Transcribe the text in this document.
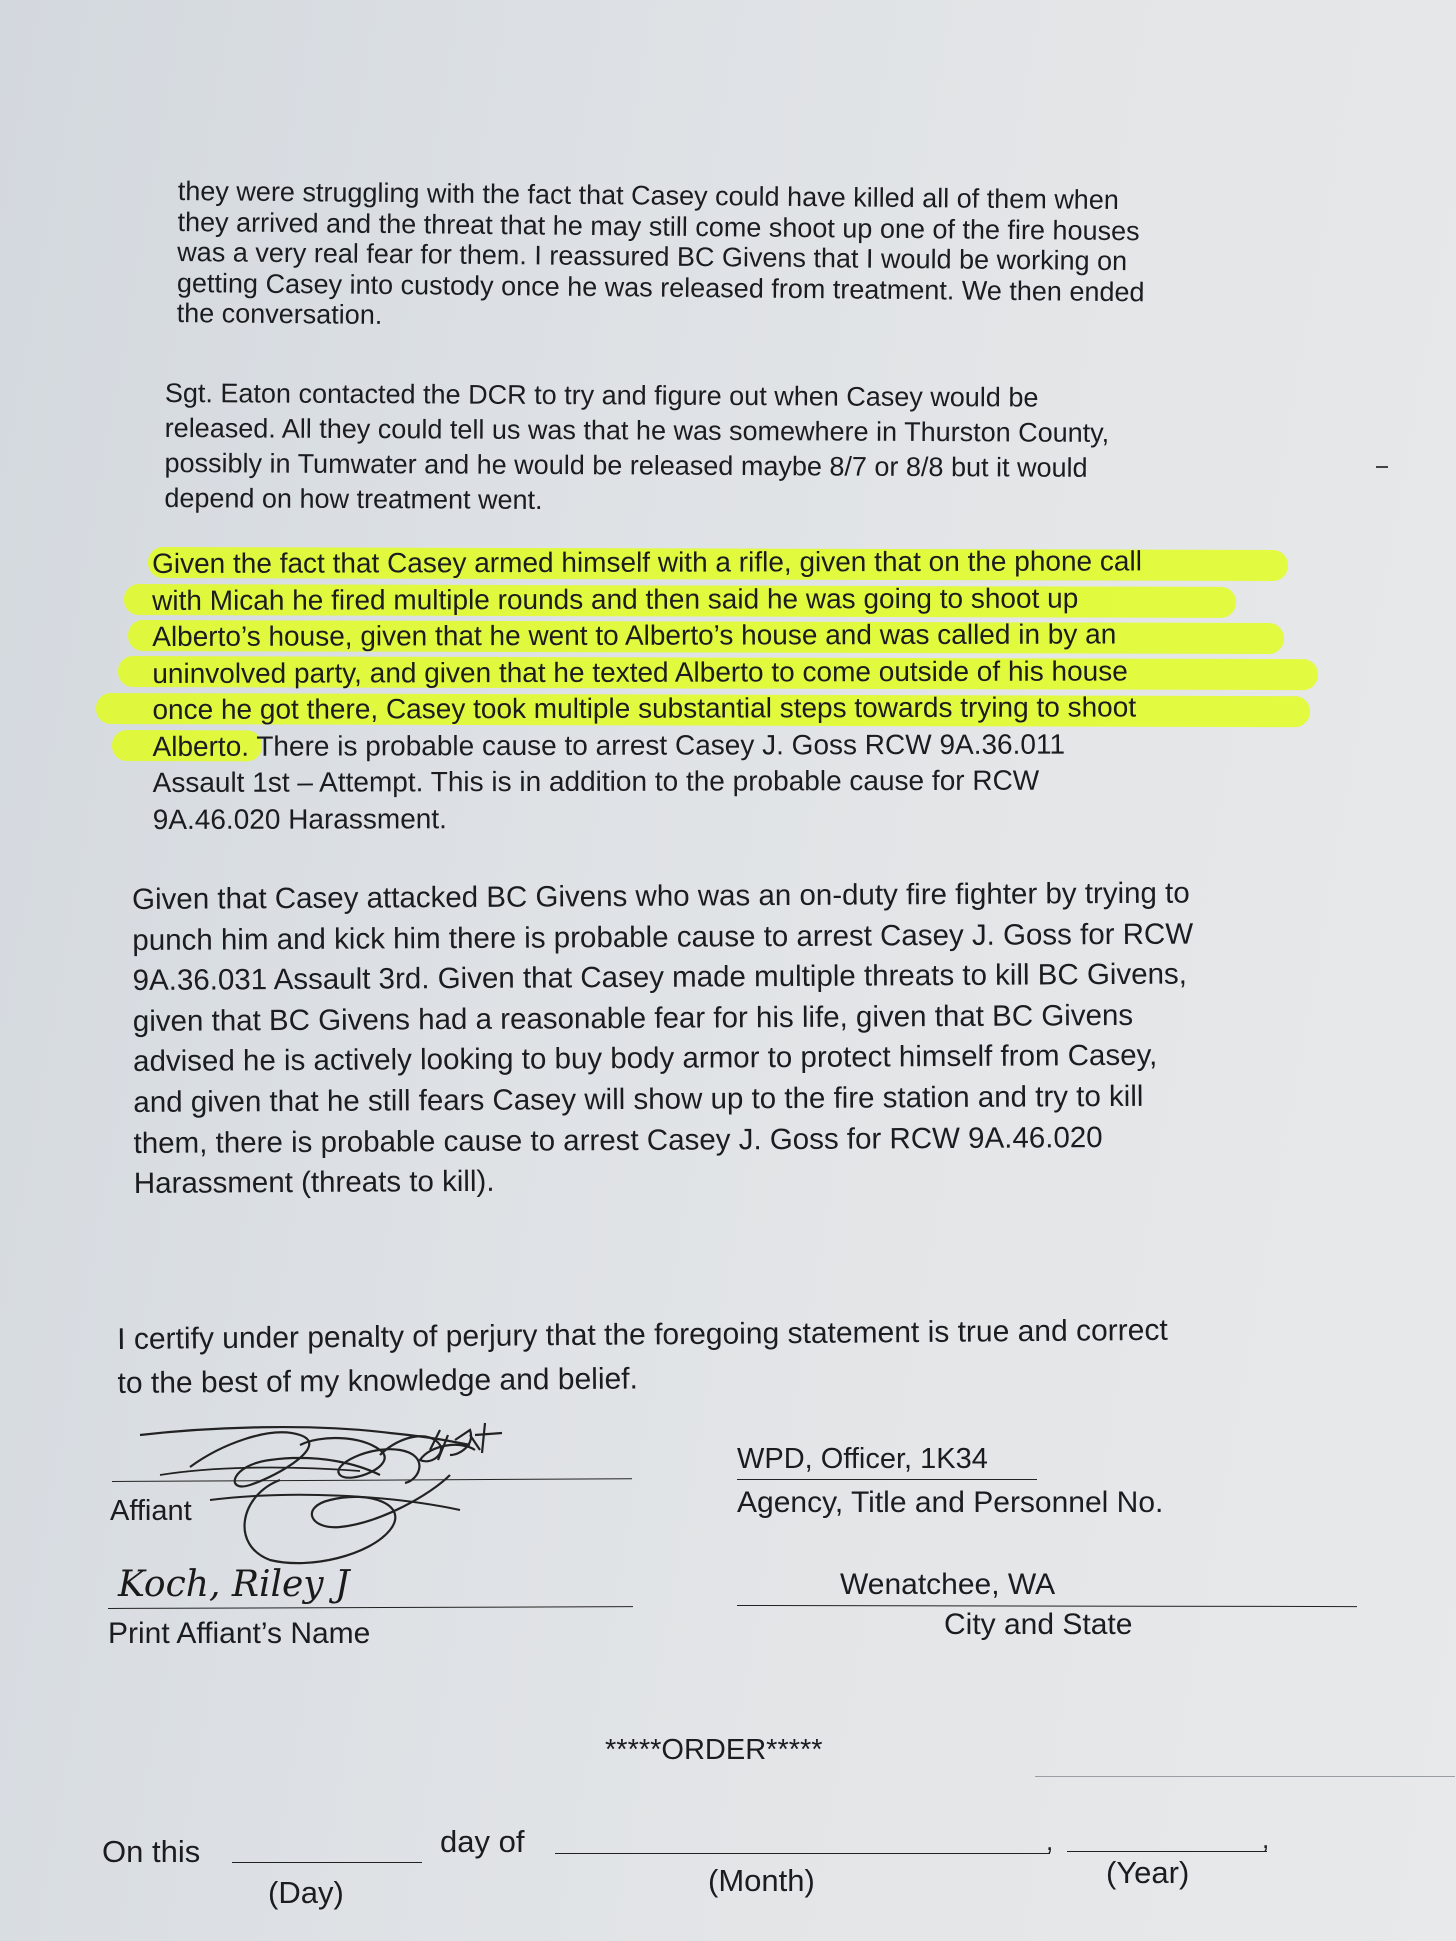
they were struggling with the fact that Casey could have killed all of them when
they arrived and the threat that he may still come shoot up one of the fire houses
was a very real fear for them. I reassured BC Givens that I would be working on
getting Casey into custody once he was released from treatment. We then ended
the conversation.
Sgt. Eaton contacted the DCR to try and figure out when Casey would be
released. All they could tell us was that he was somewhere in Thurston County,
possibly in Tumwater and he would be released maybe 8/7 or 8/8 but it would
depend on how treatment went.
Given the fact that Casey armed himself with a rifle, given that on the phone call
with Micah he fired multiple rounds and then said he was going to shoot up
Alberto’s house, given that he went to Alberto’s house and was called in by an
uninvolved party, and given that he texted Alberto to come outside of his house
once he got there, Casey took multiple substantial steps towards trying to shoot
Alberto. There is probable cause to arrest Casey J. Goss RCW 9A.36.011
Assault 1st – Attempt. This is in addition to the probable cause for RCW
9A.46.020 Harassment.
Given that Casey attacked BC Givens who was an on-duty fire fighter by trying to
punch him and kick him there is probable cause to arrest Casey J. Goss for RCW
9A.36.031 Assault 3rd. Given that Casey made multiple threats to kill BC Givens,
given that BC Givens had a reasonable fear for his life, given that BC Givens
advised he is actively looking to buy body armor to protect himself from Casey,
and given that he still fears Casey will show up to the fire station and try to kill
them, there is probable cause to arrest Casey J. Goss for RCW 9A.46.020
Harassment (threats to kill).
I certify under penalty of perjury that the foregoing statement is true and correct
to the best of my knowledge and belief.
Affiant
WPD, Officer, 1K34
Agency, Title and Personnel No.
Koch, Riley J
Print Affiant’s Name
Wenatchee, WA
City and State
*****ORDER*****
On this
(Day)
day of	,
(Month)
,
(Year)
